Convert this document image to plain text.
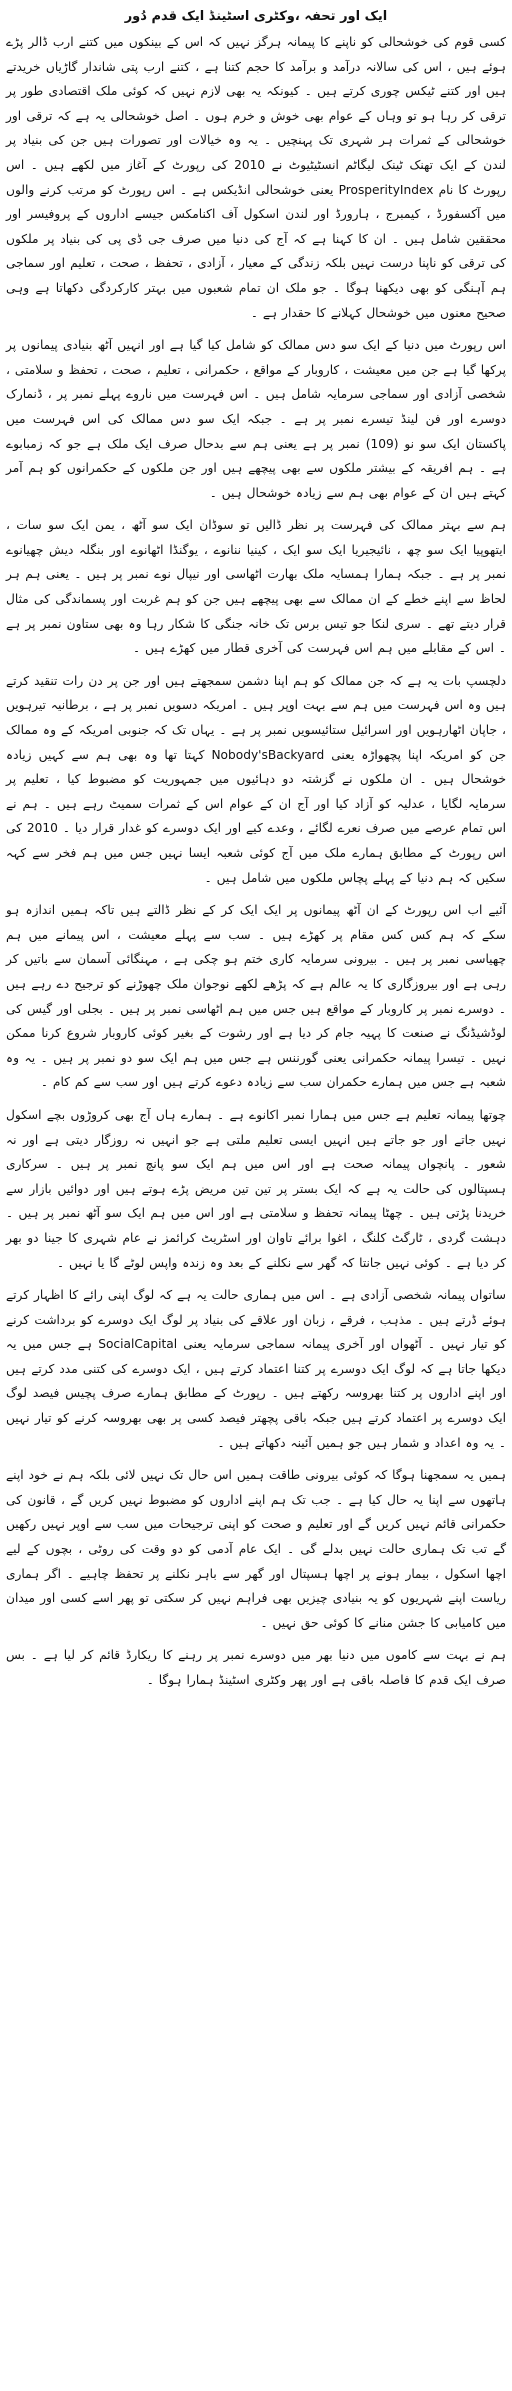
ایک اور تحفہ ،وکٹری اسٹینڈ ایک قدم دُور

کسی قوم کی خوشحالی کو ناپنے کا پیمانہ ہرگز نہیں کہ اس کے بینکوں میں کتنے ارب ڈالر پڑے ہوئے ہیں ، اس کی سالانہ درآمد و برآمد کا حجم کتنا ہے ، کتنے ارب پتی شاندار گاڑیاں خریدتے ہیں اور کتنے ٹیکس چوری کرتے ہیں ۔ کیونکہ یہ بھی لازم نہیں کہ کوئی ملک اقتصادی طور پر ترقی کر رہا ہو تو وہاں کے عوام بھی خوش و خرم ہوں ۔ اصل خوشحالی یہ ہے کہ ترقی اور خوشحالی کے ثمرات ہر شہری تک پہنچیں ۔ یہ وہ خیالات اور تصورات ہیں جن کی بنیاد پر لندن کے ایک تھنک ٹینک لیگاٹم انسٹیٹیوٹ نے 2010 کی رپورٹ کے آغاز میں لکھے ہیں ۔ اس رپورٹ کا نام ProsperityIndex یعنی خوشحالی انڈیکس ہے ۔ اس رپورٹ کو مرتب کرنے والوں میں آکسفورڈ ، کیمبرج ، ہارورڈ اور لندن اسکول آف اکنامکس جیسے اداروں کے پروفیسر اور محققین شامل ہیں ۔ ان کا کہنا ہے کہ آج کی دنیا میں صرف جی ڈی پی کی بنیاد پر ملکوں کی ترقی کو ناپنا درست نہیں بلکہ زندگی کے معیار ، آزادی ، تحفظ ، صحت ، تعلیم اور سماجی ہم آہنگی کو بھی دیکھنا ہوگا ۔ جو ملک ان تمام شعبوں میں بہتر کارکردگی دکھاتا ہے وہی صحیح معنوں میں خوشحال کہلانے کا حقدار ہے ۔

اس رپورٹ میں دنیا کے ایک سو دس ممالک کو شامل کیا گیا ہے اور انہیں آٹھ بنیادی پیمانوں پر پرکھا گیا ہے جن میں معیشت ، کاروبار کے مواقع ، حکمرانی ، تعلیم ، صحت ، تحفظ و سلامتی ، شخصی آزادی اور سماجی سرمایہ شامل ہیں ۔ اس فہرست میں ناروے پہلے نمبر پر ، ڈنمارک دوسرے اور فن لینڈ تیسرے نمبر پر ہے ۔ جبکہ ایک سو دس ممالک کی اس فہرست میں پاکستان ایک سو نو (109) نمبر پر ہے یعنی ہم سے بدحال صرف ایک ملک ہے جو کہ زمبابوے ہے ۔ ہم افریقہ کے بیشتر ملکوں سے بھی پیچھے ہیں اور جن ملکوں کے حکمرانوں کو ہم آمر کہتے ہیں ان کے عوام بھی ہم سے زیادہ خوشحال ہیں ۔

ہم سے بہتر ممالک کی فہرست پر نظر ڈالیں تو سوڈان ایک سو آٹھ ، یمن ایک سو سات ، ایتھوپیا ایک سو چھ ، نائیجیریا ایک سو ایک ، کینیا ننانوے ، یوگنڈا اٹھانوے اور بنگلہ دیش چھیانوے نمبر پر ہے ۔ جبکہ ہمارا ہمسایہ ملک بھارت اٹھاسی اور نیپال نوے نمبر پر ہیں ۔ یعنی ہم ہر لحاظ سے اپنے خطے کے ان ممالک سے بھی پیچھے ہیں جن کو ہم غربت اور پسماندگی کی مثال قرار دیتے تھے ۔ سری لنکا جو تیس برس تک خانہ جنگی کا شکار رہا وہ بھی ستاون نمبر پر ہے ۔ اس کے مقابلے میں ہم اس فہرست کی آخری قطار میں کھڑے ہیں ۔

دلچسپ بات یہ ہے کہ جن ممالک کو ہم اپنا دشمن سمجھتے ہیں اور جن پر دن رات تنقید کرتے ہیں وہ اس فہرست میں ہم سے بہت اوپر ہیں ۔ امریکہ دسویں نمبر پر ہے ، برطانیہ تیرہویں ، جاپان اٹھارہویں اور اسرائیل ستائیسویں نمبر پر ہے ۔ یہاں تک کہ جنوبی امریکہ کے وہ ممالک جن کو امریکہ اپنا پچھواڑہ یعنی Nobody'sBackyard کہتا تھا وہ بھی ہم سے کہیں زیادہ خوشحال ہیں ۔ ان ملکوں نے گزشتہ دو دہائیوں میں جمہوریت کو مضبوط کیا ، تعلیم پر سرمایہ لگایا ، عدلیہ کو آزاد کیا اور آج ان کے عوام اس کے ثمرات سمیٹ رہے ہیں ۔ ہم نے اس تمام عرصے میں صرف نعرے لگائے ، وعدے کیے اور ایک دوسرے کو غدار قرار دیا ۔ 2010 کی اس رپورٹ کے مطابق ہمارے ملک میں آج کوئی شعبہ ایسا نہیں جس میں ہم فخر سے کہہ سکیں کہ ہم دنیا کے پہلے پچاس ملکوں میں شامل ہیں ۔

آئیے اب اس رپورٹ کے ان آٹھ پیمانوں پر ایک ایک کر کے نظر ڈالتے ہیں تاکہ ہمیں اندازہ ہو سکے کہ ہم کس کس مقام پر کھڑے ہیں ۔ سب سے پہلے معیشت ، اس پیمانے میں ہم چھیاسی نمبر پر ہیں ۔ بیرونی سرمایہ کاری ختم ہو چکی ہے ، مہنگائی آسمان سے باتیں کر رہی ہے اور بیروزگاری کا یہ عالم ہے کہ پڑھے لکھے نوجوان ملک چھوڑنے کو ترجیح دے رہے ہیں ۔ دوسرے نمبر پر کاروبار کے مواقع ہیں جس میں ہم اٹھاسی نمبر پر ہیں ۔ بجلی اور گیس کی لوڈشیڈنگ نے صنعت کا پہیہ جام کر دیا ہے اور رشوت کے بغیر کوئی کاروبار شروع کرنا ممکن نہیں ۔ تیسرا پیمانہ حکمرانی یعنی گورننس ہے جس میں ہم ایک سو دو نمبر پر ہیں ۔ یہ وہ شعبہ ہے جس میں ہمارے حکمران سب سے زیادہ دعوے کرتے ہیں اور سب سے کم کام ۔

چوتھا پیمانہ تعلیم ہے جس میں ہمارا نمبر اکانوے ہے ۔ ہمارے ہاں آج بھی کروڑوں بچے اسکول نہیں جاتے اور جو جاتے ہیں انہیں ایسی تعلیم ملتی ہے جو انہیں نہ روزگار دیتی ہے اور نہ شعور ۔ پانچواں پیمانہ صحت ہے اور اس میں ہم ایک سو پانچ نمبر پر ہیں ۔ سرکاری ہسپتالوں کی حالت یہ ہے کہ ایک بستر پر تین تین مریض پڑے ہوتے ہیں اور دوائیں بازار سے خریدنا پڑتی ہیں ۔ چھٹا پیمانہ تحفظ و سلامتی ہے اور اس میں ہم ایک سو آٹھ نمبر پر ہیں ۔ دہشت گردی ، ٹارگٹ کلنگ ، اغوا برائے تاوان اور اسٹریٹ کرائمز نے عام شہری کا جینا دو بھر کر دیا ہے ۔ کوئی نہیں جانتا کہ گھر سے نکلنے کے بعد وہ زندہ واپس لوٹے گا یا نہیں ۔

ساتواں پیمانہ شخصی آزادی ہے ۔ اس میں ہماری حالت یہ ہے کہ لوگ اپنی رائے کا اظہار کرتے ہوئے ڈرتے ہیں ۔ مذہب ، فرقے ، زبان اور علاقے کی بنیاد پر لوگ ایک دوسرے کو برداشت کرنے کو تیار نہیں ۔ آٹھواں اور آخری پیمانہ سماجی سرمایہ یعنی SocialCapital ہے جس میں یہ دیکھا جاتا ہے کہ لوگ ایک دوسرے پر کتنا اعتماد کرتے ہیں ، ایک دوسرے کی کتنی مدد کرتے ہیں اور اپنے اداروں پر کتنا بھروسہ رکھتے ہیں ۔ رپورٹ کے مطابق ہمارے صرف پچیس فیصد لوگ ایک دوسرے پر اعتماد کرتے ہیں جبکہ باقی پچھتر فیصد کسی پر بھی بھروسہ کرنے کو تیار نہیں ۔ یہ وہ اعداد و شمار ہیں جو ہمیں آئینہ دکھاتے ہیں ۔

ہمیں یہ سمجھنا ہوگا کہ کوئی بیرونی طاقت ہمیں اس حال تک نہیں لائی بلکہ ہم نے خود اپنے ہاتھوں سے اپنا یہ حال کیا ہے ۔ جب تک ہم اپنے اداروں کو مضبوط نہیں کریں گے ، قانون کی حکمرانی قائم نہیں کریں گے اور تعلیم و صحت کو اپنی ترجیحات میں سب سے اوپر نہیں رکھیں گے تب تک ہماری حالت نہیں بدلے گی ۔ ایک عام آدمی کو دو وقت کی روٹی ، بچوں کے لیے اچھا اسکول ، بیمار ہونے پر اچھا ہسپتال اور گھر سے باہر نکلنے پر تحفظ چاہیے ۔ اگر ہماری ریاست اپنے شہریوں کو یہ بنیادی چیزیں بھی فراہم نہیں کر سکتی تو پھر اسے کسی اور میدان میں کامیابی کا جشن منانے کا کوئی حق نہیں ۔

ہم نے بہت سے کاموں میں دنیا بھر میں دوسرے نمبر پر رہنے کا ریکارڈ قائم کر لیا ہے ۔ بس صرف ایک قدم کا فاصلہ باقی ہے اور پھر وکٹری اسٹینڈ ہمارا ہوگا ۔
